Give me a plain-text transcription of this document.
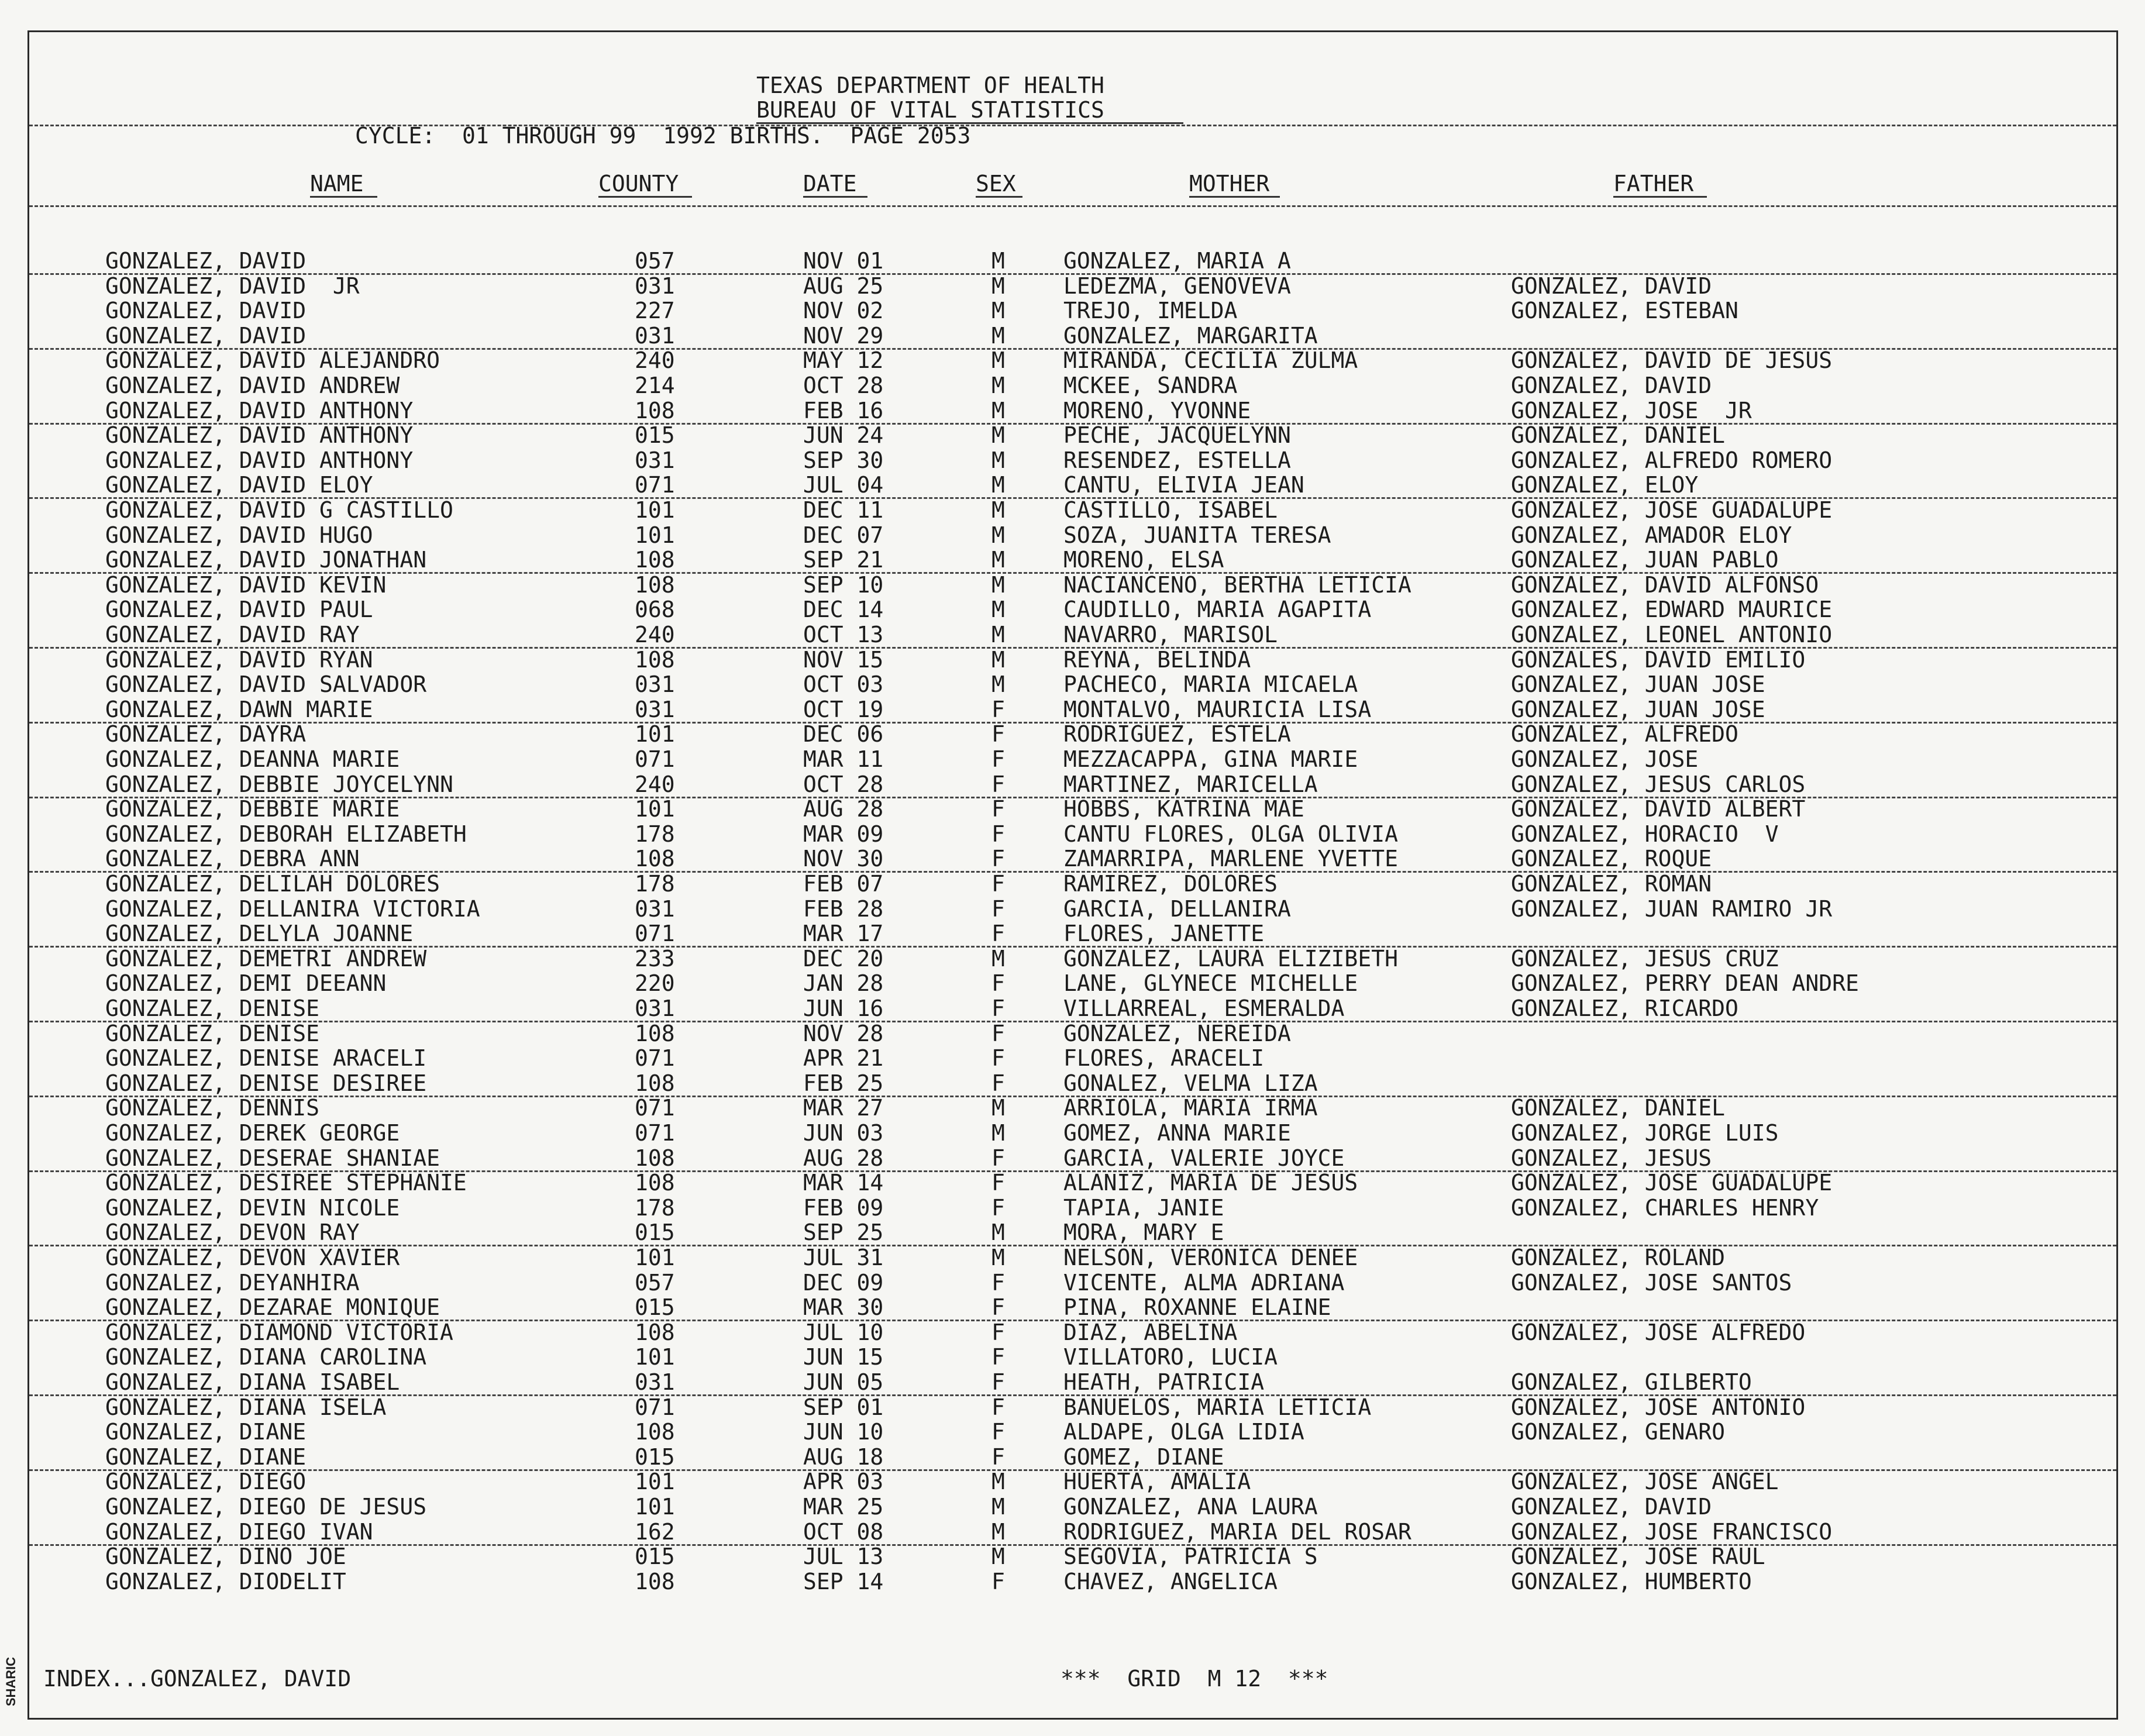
TEXAS DEPARTMENT OF HEALTH
BUREAU OF VITAL STATISTICS
CYCLE:  01 THROUGH 99  1992 BIRTHS.  PAGE 2053
NAME	COUNTY	DATE	SEX	MOTHER	FATHER
GONZALEZ, DAVID	057	NOV 01	M	GONZALEZ, MARIA A
GONZALEZ, DAVID  JR	031	AUG 25	M	LEDEZMA, GENOVEVA	GONZALEZ, DAVID
GONZALEZ, DAVID	227	NOV 02	M	TREJO, IMELDA	GONZALEZ, ESTEBAN
GONZALEZ, DAVID	031	NOV 29	M	GONZALEZ, MARGARITA
GONZALEZ, DAVID ALEJANDRO	240	MAY 12	M	MIRANDA, CECILIA ZULMA	GONZALEZ, DAVID DE JESUS
GONZALEZ, DAVID ANDREW	214	OCT 28	M	MCKEE, SANDRA	GONZALEZ, DAVID
GONZALEZ, DAVID ANTHONY	108	FEB 16	M	MORENO, YVONNE	GONZALEZ, JOSE  JR
GONZALEZ, DAVID ANTHONY	015	JUN 24	M	PECHE, JACQUELYNN	GONZALEZ, DANIEL
GONZALEZ, DAVID ANTHONY	031	SEP 30	M	RESENDEZ, ESTELLA	GONZALEZ, ALFREDO ROMERO
GONZALEZ, DAVID ELOY	071	JUL 04	M	CANTU, ELIVIA JEAN	GONZALEZ, ELOY
GONZALEZ, DAVID G CASTILLO	101	DEC 11	M	CASTILLO, ISABEL	GONZALEZ, JOSE GUADALUPE
GONZALEZ, DAVID HUGO	101	DEC 07	M	SOZA, JUANITA TERESA	GONZALEZ, AMADOR ELOY
GONZALEZ, DAVID JONATHAN	108	SEP 21	M	MORENO, ELSA	GONZALEZ, JUAN PABLO
GONZALEZ, DAVID KEVIN	108	SEP 10	M	NACIANCENO, BERTHA LETICIA	GONZALEZ, DAVID ALFONSO
GONZALEZ, DAVID PAUL	068	DEC 14	M	CAUDILLO, MARIA AGAPITA	GONZALEZ, EDWARD MAURICE
GONZALEZ, DAVID RAY	240	OCT 13	M	NAVARRO, MARISOL	GONZALEZ, LEONEL ANTONIO
GONZALEZ, DAVID RYAN	108	NOV 15	M	REYNA, BELINDA	GONZALES, DAVID EMILIO
GONZALEZ, DAVID SALVADOR	031	OCT 03	M	PACHECO, MARIA MICAELA	GONZALEZ, JUAN JOSE
GONZALEZ, DAWN MARIE	031	OCT 19	F	MONTALVO, MAURICIA LISA	GONZALEZ, JUAN JOSE
GONZALEZ, DAYRA	101	DEC 06	F	RODRIGUEZ, ESTELA	GONZALEZ, ALFREDO
GONZALEZ, DEANNA MARIE	071	MAR 11	F	MEZZACAPPA, GINA MARIE	GONZALEZ, JOSE
GONZALEZ, DEBBIE JOYCELYNN	240	OCT 28	F	MARTINEZ, MARICELLA	GONZALEZ, JESUS CARLOS
GONZALEZ, DEBBIE MARIE	101	AUG 28	F	HOBBS, KATRINA MAE	GONZALEZ, DAVID ALBERT
GONZALEZ, DEBORAH ELIZABETH	178	MAR 09	F	CANTU FLORES, OLGA OLIVIA	GONZALEZ, HORACIO  V
GONZALEZ, DEBRA ANN	108	NOV 30	F	ZAMARRIPA, MARLENE YVETTE	GONZALEZ, ROQUE
GONZALEZ, DELILAH DOLORES	178	FEB 07	F	RAMIREZ, DOLORES	GONZALEZ, ROMAN
GONZALEZ, DELLANIRA VICTORIA	031	FEB 28	F	GARCIA, DELLANIRA	GONZALEZ, JUAN RAMIRO JR
GONZALEZ, DELYLA JOANNE	071	MAR 17	F	FLORES, JANETTE
GONZALEZ, DEMETRI ANDREW	233	DEC 20	M	GONZALEZ, LAURA ELIZIBETH	GONZALEZ, JESUS CRUZ
GONZALEZ, DEMI DEEANN	220	JAN 28	F	LANE, GLYNECE MICHELLE	GONZALEZ, PERRY DEAN ANDRE
GONZALEZ, DENISE	031	JUN 16	F	VILLARREAL, ESMERALDA	GONZALEZ, RICARDO
GONZALEZ, DENISE	108	NOV 28	F	GONZALEZ, NEREIDA
GONZALEZ, DENISE ARACELI	071	APR 21	F	FLORES, ARACELI
GONZALEZ, DENISE DESIREE	108	FEB 25	F	GONALEZ, VELMA LIZA
GONZALEZ, DENNIS	071	MAR 27	M	ARRIOLA, MARIA IRMA	GONZALEZ, DANIEL
GONZALEZ, DEREK GEORGE	071	JUN 03	M	GOMEZ, ANNA MARIE	GONZALEZ, JORGE LUIS
GONZALEZ, DESERAE SHANIAE	108	AUG 28	F	GARCIA, VALERIE JOYCE	GONZALEZ, JESUS
GONZALEZ, DESIREE STEPHANIE	108	MAR 14	F	ALANIZ, MARIA DE JESUS	GONZALEZ, JOSE GUADALUPE
GONZALEZ, DEVIN NICOLE	178	FEB 09	F	TAPIA, JANIE	GONZALEZ, CHARLES HENRY
GONZALEZ, DEVON RAY	015	SEP 25	M	MORA, MARY E
GONZALEZ, DEVON XAVIER	101	JUL 31	M	NELSON, VERONICA DENEE	GONZALEZ, ROLAND
GONZALEZ, DEYANHIRA	057	DEC 09	F	VICENTE, ALMA ADRIANA	GONZALEZ, JOSE SANTOS
GONZALEZ, DEZARAE MONIQUE	015	MAR 30	F	PINA, ROXANNE ELAINE
GONZALEZ, DIAMOND VICTORIA	108	JUL 10	F	DIAZ, ABELINA	GONZALEZ, JOSE ALFREDO
GONZALEZ, DIANA CAROLINA	101	JUN 15	F	VILLATORO, LUCIA
GONZALEZ, DIANA ISABEL	031	JUN 05	F	HEATH, PATRICIA	GONZALEZ, GILBERTO
GONZALEZ, DIANA ISELA	071	SEP 01	F	BANUELOS, MARIA LETICIA	GONZALEZ, JOSE ANTONIO
GONZALEZ, DIANE	108	JUN 10	F	ALDAPE, OLGA LIDIA	GONZALEZ, GENARO
GONZALEZ, DIANE	015	AUG 18	F	GOMEZ, DIANE
GONZALEZ, DIEGO	101	APR 03	M	HUERTA, AMALIA	GONZALEZ, JOSE ANGEL
GONZALEZ, DIEGO DE JESUS	101	MAR 25	M	GONZALEZ, ANA LAURA	GONZALEZ, DAVID
GONZALEZ, DIEGO IVAN	162	OCT 08	M	RODRIGUEZ, MARIA DEL ROSAR	GONZALEZ, JOSE FRANCISCO
GONZALEZ, DINO JOE	015	JUL 13	M	SEGOVIA, PATRICIA S	GONZALEZ, JOSE RAUL
GONZALEZ, DIODELIT	108	SEP 14	F	CHAVEZ, ANGELICA	GONZALEZ, HUMBERTO
INDEX...GONZALEZ, DAVID	***  GRID  M 12  ***
SHARIC
